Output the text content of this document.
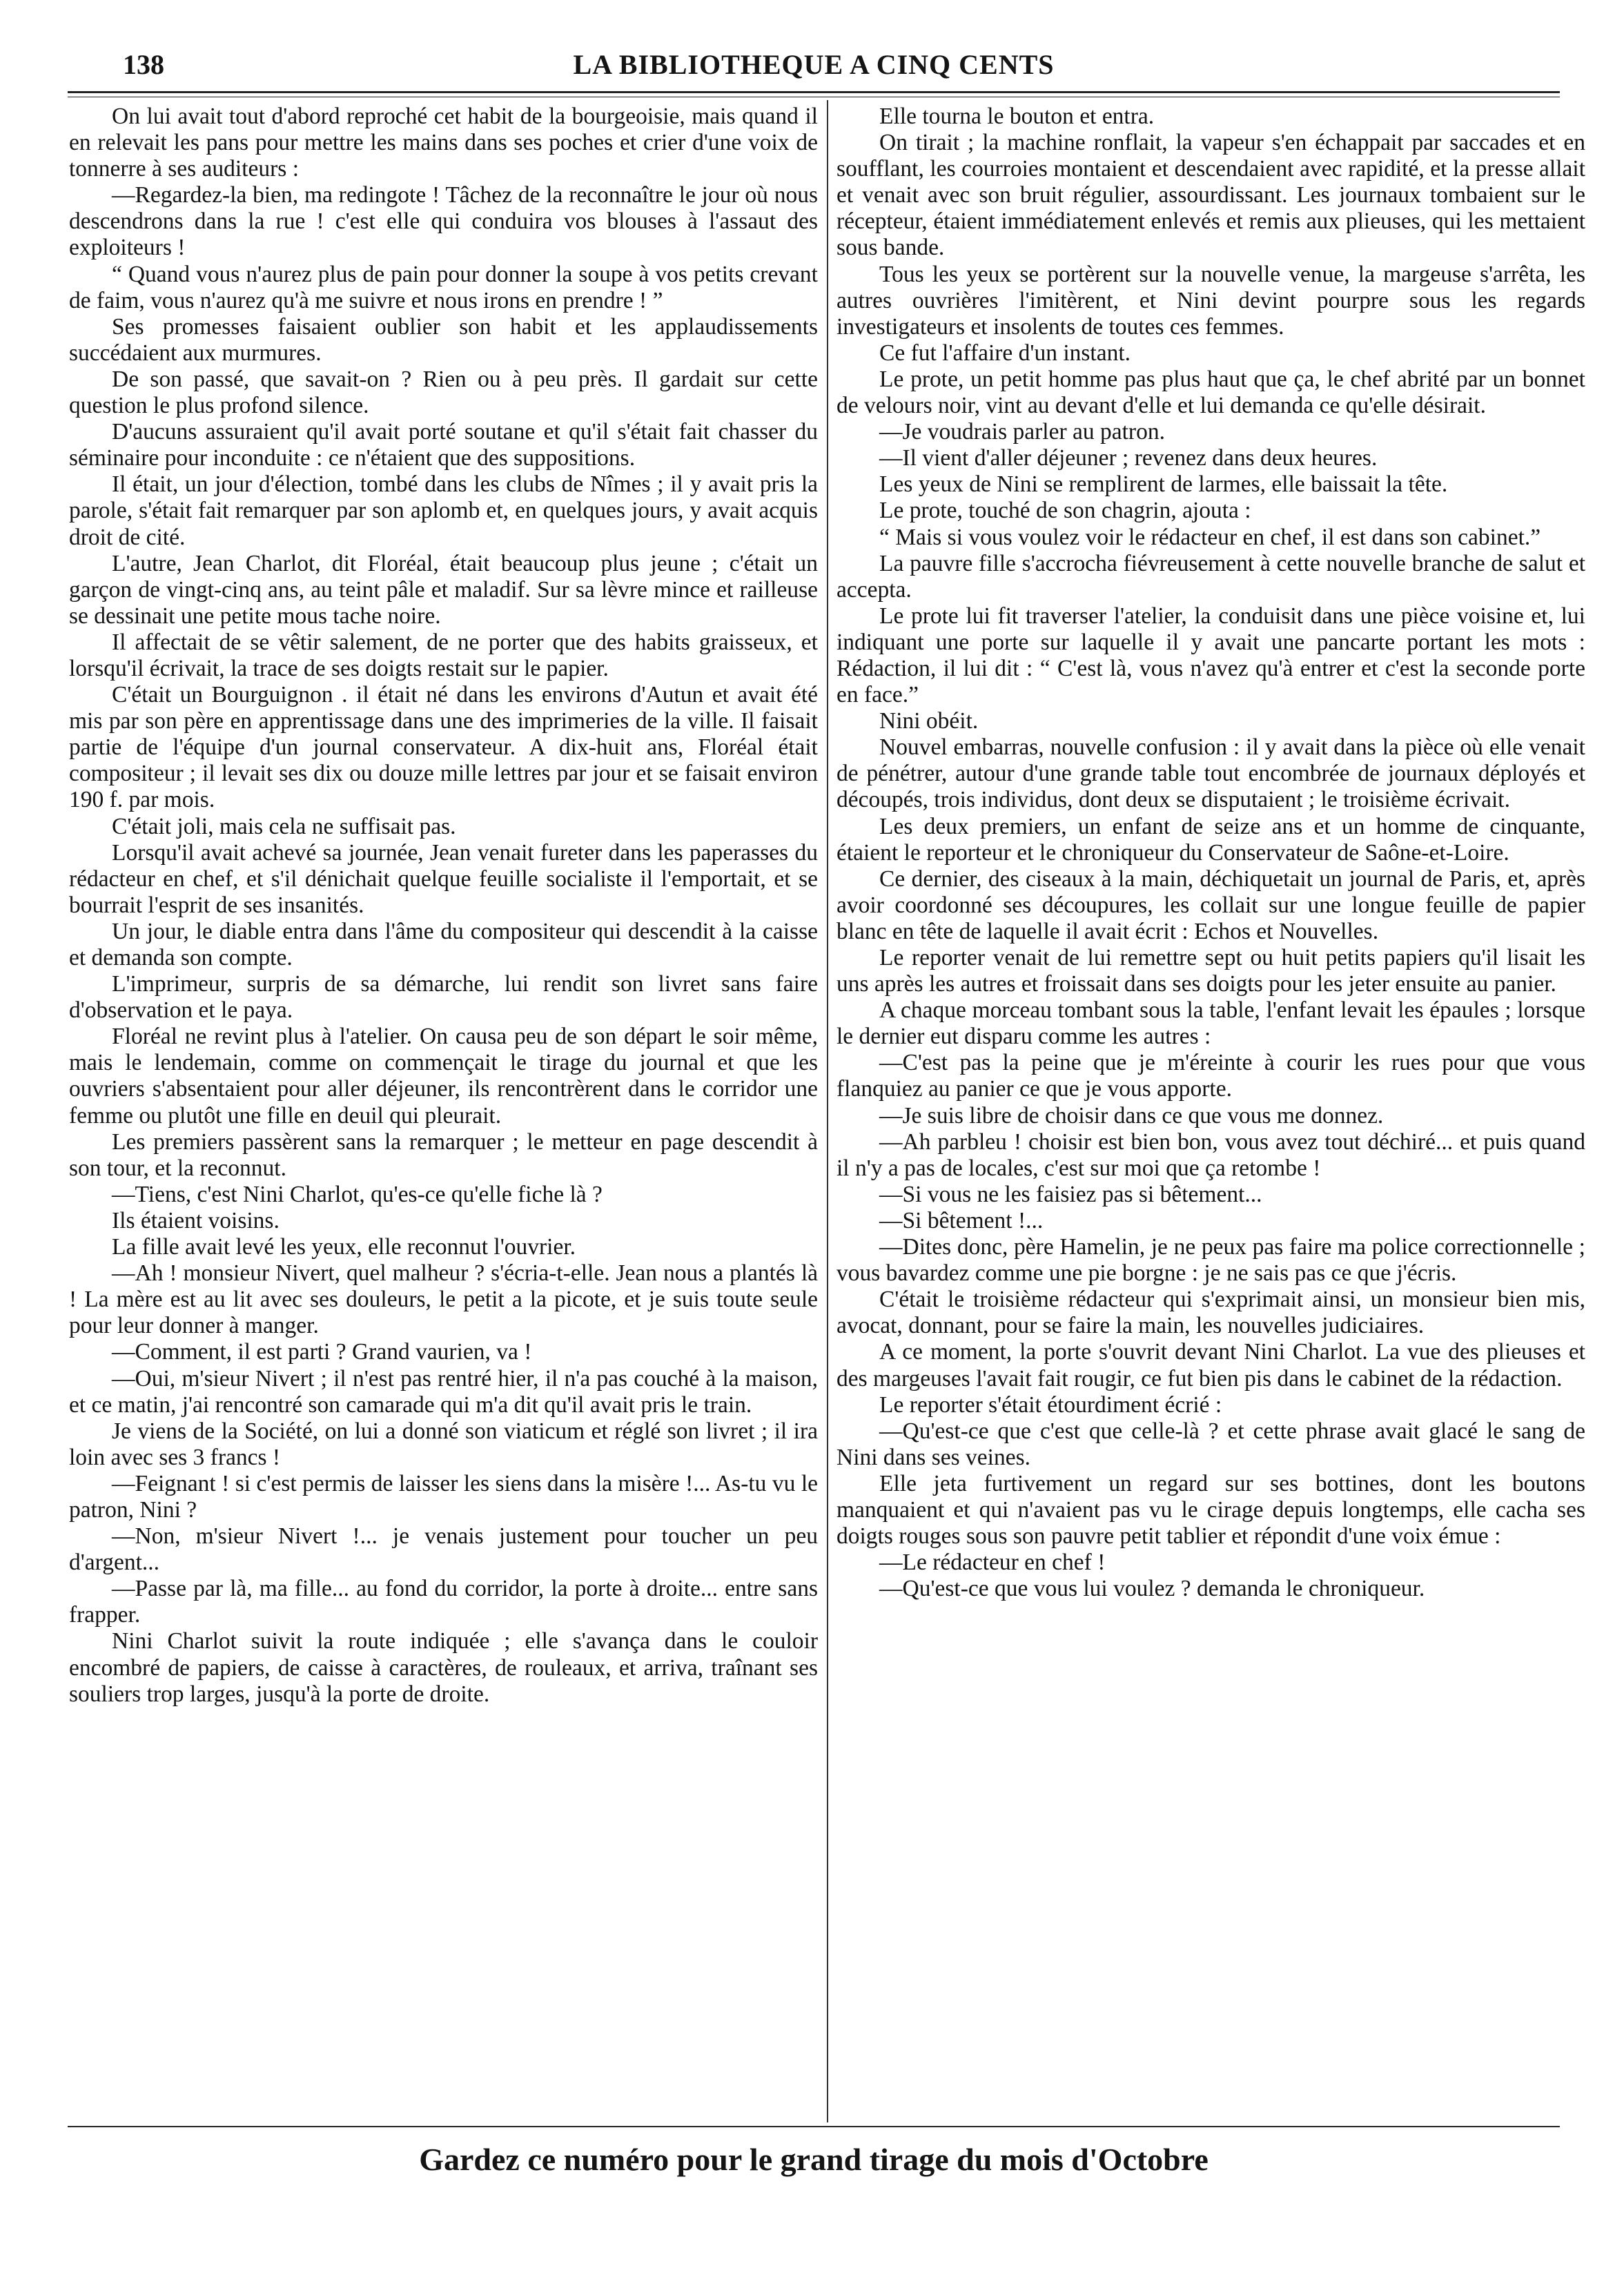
138	LA BIBLIOTHEQUE A CINQ CENTS

On lui avait tout d'abord reproché cet habit de la bourgeoisie, mais quand il en relevait les pans pour mettre les mains dans ses poches et crier d'une voix de tonnerre à ses auditeurs :

—Regardez-la bien, ma redingote ! Tâchez de la reconnaître le jour où nous descendrons dans la rue ! c'est elle qui conduira vos blouses à l'assaut des exploiteurs !

“ Quand vous n'aurez plus de pain pour donner la soupe à vos petits crevant de faim, vous n'aurez qu'à me suivre et nous irons en prendre ! ”

Ses promesses faisaient oublier son habit et les applaudissements succédaient aux murmures.

De son passé, que savait-on ? Rien ou à peu près. Il gardait sur cette question le plus profond silence.

D'aucuns assuraient qu'il avait porté soutane et qu'il s'était fait chasser du séminaire pour inconduite : ce n'étaient que des suppositions.

Il était, un jour d'élection, tombé dans les clubs de Nîmes ; il y avait pris la parole, s'était fait remarquer par son aplomb et, en quelques jours, y avait acquis droit de cité.

L'autre, Jean Charlot, dit Floréal, était beaucoup plus jeune ; c'était un garçon de vingt-cinq ans, au teint pâle et maladif. Sur sa lèvre mince et railleuse se dessinait une petite mous tache noire.

Il affectait de se vêtir salement, de ne porter que des habits graisseux, et lorsqu'il écrivait, la trace de ses doigts restait sur le papier.

C'était un Bourguignon . il était né dans les environs d'Autun et avait été mis par son père en apprentissage dans une des imprimeries de la ville. Il faisait partie de l'équipe d'un journal conservateur. A dix-huit ans, Floréal était compositeur ; il levait ses dix ou douze mille lettres par jour et se faisait environ 190 f. par mois.

C'était joli, mais cela ne suffisait pas.

Lorsqu'il avait achevé sa journée, Jean venait fureter dans les paperasses du rédacteur en chef, et s'il dénichait quelque feuille socialiste il l'emportait, et se bourrait l'esprit de ses insanités.

Un jour, le diable entra dans l'âme du compositeur qui descendit à la caisse et demanda son compte.

L'imprimeur, surpris de sa démarche, lui rendit son livret sans faire d'observation et le paya.

Floréal ne revint plus à l'atelier. On causa peu de son départ le soir même, mais le lendemain, comme on commençait le tirage du journal et que les ouvriers s'absentaient pour aller déjeuner, ils rencontrèrent dans le corridor une femme ou plutôt une fille en deuil qui pleurait.

Les premiers passèrent sans la remarquer ; le metteur en page descendit à son tour, et la reconnut.

—Tiens, c'est Nini Charlot, qu'es-ce qu'elle fiche là ?

Ils étaient voisins.

La fille avait levé les yeux, elle reconnut l'ouvrier.

—Ah ! monsieur Nivert, quel malheur ? s'écria-t-elle. Jean nous a plantés là ! La mère est au lit avec ses douleurs, le petit a la picote, et je suis toute seule pour leur donner à manger.

—Comment, il est parti ? Grand vaurien, va !

—Oui, m'sieur Nivert ; il n'est pas rentré hier, il n'a pas couché à la maison, et ce matin, j'ai rencontré son camarade qui m'a dit qu'il avait pris le train.

Je viens de la Société, on lui a donné son viaticum et réglé son livret ; il ira loin avec ses 3 francs !

—Feignant ! si c'est permis de laisser les siens dans la misère !... As-tu vu le patron, Nini ?

—Non, m'sieur Nivert !... je venais justement pour toucher un peu d'argent...

—Passe par là, ma fille... au fond du corridor, la porte à droite... entre sans frapper.

Nini Charlot suivit la route indiquée ; elle s'avança dans le couloir encombré de papiers, de caisse à caractères, de rouleaux, et arriva, traînant ses souliers trop larges, jusqu'à la porte de droite.

Elle tourna le bouton et entra.

On tirait ; la machine ronflait, la vapeur s'en échappait par saccades et en soufflant, les courroies montaient et descendaient avec rapidité, et la presse allait et venait avec son bruit régulier, assourdissant. Les journaux tombaient sur le récepteur, étaient immédiatement enlevés et remis aux plieuses, qui les mettaient sous bande.

Tous les yeux se portèrent sur la nouvelle venue, la margeuse s'arrêta, les autres ouvrières l'imitèrent, et Nini devint pourpre sous les regards investigateurs et insolents de toutes ces femmes.

Ce fut l'affaire d'un instant.

Le prote, un petit homme pas plus haut que ça, le chef abrité par un bonnet de velours noir, vint au devant d'elle et lui demanda ce qu'elle désirait.

—Je voudrais parler au patron.

—Il vient d'aller déjeuner ; revenez dans deux heures.

Les yeux de Nini se remplirent de larmes, elle baissait la tête.

Le prote, touché de son chagrin, ajouta :

“ Mais si vous voulez voir le rédacteur en chef, il est dans son cabinet.”

La pauvre fille s'accrocha fiévreusement à cette nouvelle branche de salut et accepta.

Le prote lui fit traverser l'atelier, la conduisit dans une pièce voisine et, lui indiquant une porte sur laquelle il y avait une pancarte portant les mots : Rédaction, il lui dit : “ C'est là, vous n'avez qu'à entrer et c'est la seconde porte en face.”

Nini obéit.

Nouvel embarras, nouvelle confusion : il y avait dans la pièce où elle venait de pénétrer, autour d'une grande table tout encombrée de journaux déployés et découpés, trois individus, dont deux se disputaient ; le troisième écrivait.

Les deux premiers, un enfant de seize ans et un homme de cinquante, étaient le reporteur et le chroniqueur du Conservateur de Saône-et-Loire.

Ce dernier, des ciseaux à la main, déchiquetait un journal de Paris, et, après avoir coordonné ses découpures, les collait sur une longue feuille de papier blanc en tête de laquelle il avait écrit : Echos et Nouvelles.

Le reporter venait de lui remettre sept ou huit petits papiers qu'il lisait les uns après les autres et froissait dans ses doigts pour les jeter ensuite au panier.

A chaque morceau tombant sous la table, l'enfant levait les épaules ; lorsque le dernier eut disparu comme les autres :

—C'est pas la peine que je m'éreinte à courir les rues pour que vous flanquiez au panier ce que je vous apporte.

—Je suis libre de choisir dans ce que vous me donnez.

—Ah parbleu ! choisir est bien bon, vous avez tout déchiré... et puis quand il n'y a pas de locales, c'est sur moi que ça retombe !

—Si vous ne les faisiez pas si bêtement...

—Si bêtement !...

—Dites donc, père Hamelin, je ne peux pas faire ma police correctionnelle ; vous bavardez comme une pie borgne : je ne sais pas ce que j'écris.

C'était le troisième rédacteur qui s'exprimait ainsi, un monsieur bien mis, avocat, donnant, pour se faire la main, les nouvelles judiciaires.

A ce moment, la porte s'ouvrit devant Nini Charlot. La vue des plieuses et des margeuses l'avait fait rougir, ce fut bien pis dans le cabinet de la rédaction.

Le reporter s'était étourdiment écrié :

—Qu'est-ce que c'est que celle-là ? et cette phrase avait glacé le sang de Nini dans ses veines.

Elle jeta furtivement un regard sur ses bottines, dont les boutons manquaient et qui n'avaient pas vu le cirage depuis longtemps, elle cacha ses doigts rouges sous son pauvre petit tablier et répondit d'une voix émue :

—Le rédacteur en chef !

—Qu'est-ce que vous lui voulez ? demanda le chroniqueur.

Gardez ce numéro pour le grand tirage du mois d'Octobre
